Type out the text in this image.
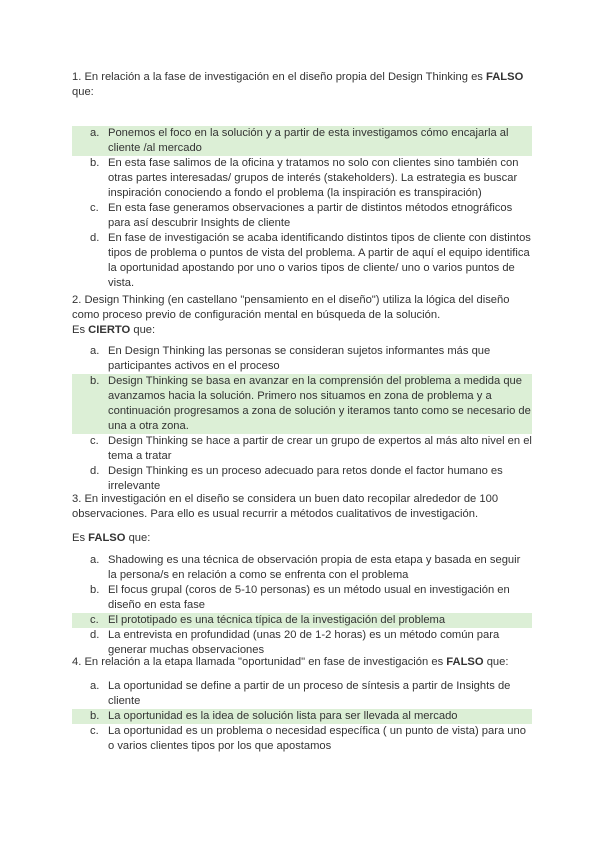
1. En relación a la fase de investigación en el diseño propia del Design Thinking es FALSO que:

a. Ponemos el foco en la solución y a partir de esta investigamos cómo encajarla al cliente /al mercado
b. En esta fase salimos de la oficina y tratamos no solo con clientes sino también con otras partes interesadas/ grupos de interés (stakeholders). La estrategia es buscar inspiración conociendo a fondo el problema (la inspiración es transpiración)
c. En esta fase generamos observaciones a partir de distintos métodos etnográficos para así descubrir Insights de cliente
d. En fase de investigación se acaba identificando distintos tipos de cliente con distintos tipos de problema o puntos de vista del problema. A partir de aquí el equipo identifica la oportunidad apostando por uno o varios tipos de cliente/ uno o varios puntos de vista.

2. Design Thinking (en castellano "pensamiento en el diseño") utiliza la lógica del diseño como proceso previo de configuración mental en búsqueda de la solución.

Es CIERTO que:

a. En Design Thinking las personas se consideran sujetos informantes más que participantes activos en el proceso
b. Design Thinking se basa en avanzar en la comprensión del problema a medida que avanzamos hacia la solución. Primero nos situamos en zona de problema y a continuación progresamos a zona de solución y iteramos tanto como se necesario de una a otra zona.
c. Design Thinking se hace a partir de crear un grupo de expertos al más alto nivel en el tema a tratar
d. Design Thinking es un proceso adecuado para retos donde el factor humano es irrelevante

3. En investigación en el diseño se considera un buen dato recopilar alrededor de 100 observaciones. Para ello es usual recurrir a métodos cualitativos de investigación.

Es FALSO que:

a. Shadowing es una técnica de observación propia de esta etapa y basada en seguir la persona/s en relación a como se enfrenta con el problema
b. El focus grupal (coros de 5-10 personas) es un método usual en investigación en diseño en esta fase
c. El prototipado es una técnica típica de la investigación del problema
d. La entrevista en profundidad (unas 20 de 1-2 horas) es un método común para generar muchas observaciones

4. En relación a la etapa llamada "oportunidad" en fase de investigación es FALSO que:

a. La oportunidad se define a partir de un proceso de síntesis a partir de Insights de cliente
b. La oportunidad es la idea de solución lista para ser llevada al mercado
c. La oportunidad es un problema o necesidad específica ( un punto de vista) para uno o varios clientes tipos por los que apostamos
